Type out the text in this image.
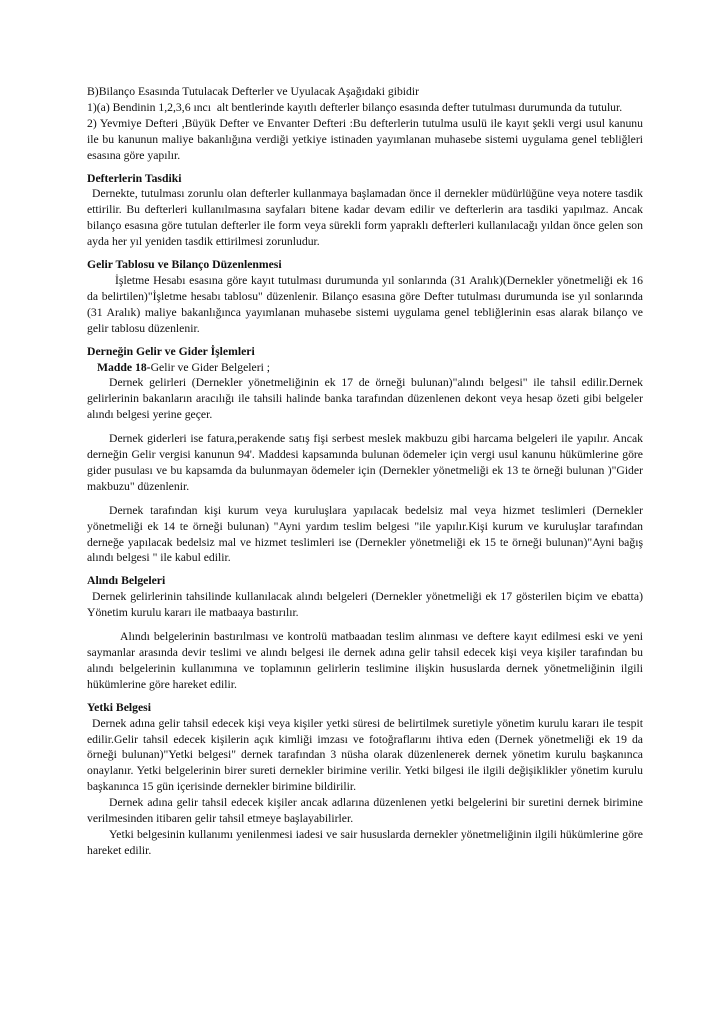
B)Bilanço Esasında Tutulacak Defterler ve Uyulacak Aşağıdaki gibidir

1)(a) Bendinin 1,2,3,6 ıncı  alt bentlerinde kayıtlı defterler bilanço esasında defter tutulması durumunda da tutulur.

2) Yevmiye Defteri ,Büyük Defter ve Envanter Defteri :Bu defterlerin tutulma usulü ile kayıt şekli vergi usul kanunu ile bu kanunun maliye bakanlığına verdiği yetkiye istinaden yayımlanan muhasebe sistemi uygulama genel tebliğleri esasına göre yapılır.

Defterlerin Tasdiki

Dernekte, tutulması zorunlu olan defterler kullanmaya başlamadan önce il dernekler müdürlüğüne veya notere tasdik ettirilir. Bu defterleri kullanılmasına sayfaları bitene kadar devam edilir ve defterlerin ara tasdiki yapılmaz. Ancak bilanço esasına göre tutulan defterler ile form veya sürekli form yapraklı defterleri kullanılacağı yıldan önce gelen son ayda her yıl yeniden tasdik ettirilmesi zorunludur.

Gelir Tablosu ve Bilanço Düzenlenmesi

İşletme Hesabı esasına göre kayıt tutulması durumunda yıl sonlarında (31 Aralık)(Dernekler yönetmeliği ek 16 da belirtilen)"İşletme hesabı tablosu" düzenlenir. Bilanço esasına göre Defter tutulması durumunda ise yıl sonlarında (31 Aralık) maliye bakanlığınca yayımlanan muhasebe sistemi uygulama genel tebliğlerinin esas alarak bilanço ve gelir tablosu düzenlenir.

Derneğin Gelir ve Gider İşlemleri

Madde 18-Gelir ve Gider Belgeleri ;

Dernek gelirleri (Dernekler yönetmeliğinin ek 17 de örneği bulunan)"alındı belgesi" ile tahsil edilir.Dernek gelirlerinin bakanların aracılığı ile tahsili halinde banka tarafından düzenlenen dekont veya hesap özeti gibi belgeler alındı belgesi yerine geçer.

Dernek giderleri ise fatura,perakende satış fişi serbest meslek makbuzu gibi harcama belgeleri ile yapılır. Ancak derneğin Gelir vergisi kanunun 94'. Maddesi kapsamında bulunan ödemeler için vergi usul kanunu hükümlerine göre gider pusulası ve bu kapsamda da bulunmayan ödemeler için (Dernekler yönetmeliği ek 13 te örneği bulunan )"Gider makbuzu" düzenlenir.

Dernek tarafından kişi kurum veya kuruluşlara yapılacak bedelsiz mal veya hizmet teslimleri (Dernekler yönetmeliği ek 14 te örneği bulunan) "Ayni yardım teslim belgesi "ile yapılır.Kişi kurum ve kuruluşlar tarafından derneğe yapılacak bedelsiz mal ve hizmet teslimleri ise (Dernekler yönetmeliği ek 15 te örneği bulunan)"Ayni bağış alındı belgesi " ile kabul edilir.

Alındı Belgeleri

Dernek gelirlerinin tahsilinde kullanılacak alındı belgeleri (Dernekler yönetmeliği ek 17 gösterilen biçim ve ebatta) Yönetim kurulu kararı ile matbaaya bastırılır.

Alındı belgelerinin bastırılması ve kontrolü matbaadan teslim alınması ve deftere kayıt edilmesi eski ve yeni saymanlar arasında devir teslimi ve alındı belgesi ile dernek adına gelir tahsil edecek kişi veya kişiler tarafından bu alındı belgelerinin kullanımına ve toplamının gelirlerin teslimine ilişkin hususlarda dernek yönetmeliğinin ilgili hükümlerine göre hareket edilir.

Yetki Belgesi

Dernek adına gelir tahsil edecek kişi veya kişiler yetki süresi de belirtilmek suretiyle yönetim kurulu kararı ile tespit edilir.Gelir tahsil edecek kişilerin açık kimliği imzası ve fotoğraflarını ihtiva eden (Dernek yönetmeliği ek 19 da örneği bulunan)"Yetki belgesi" dernek tarafından 3 nüsha olarak düzenlenerek dernek yönetim kurulu başkanınca onaylanır. Yetki belgelerinin birer sureti dernekler birimine verilir. Yetki bilgesi ile ilgili değişiklikler yönetim kurulu başkanınca 15 gün içerisinde dernekler birimine bildirilir.

Dernek adına gelir tahsil edecek kişiler ancak adlarına düzenlenen yetki belgelerini bir suretini dernek birimine verilmesinden itibaren gelir tahsil etmeye başlayabilirler.

Yetki belgesinin kullanımı yenilenmesi iadesi ve sair hususlarda dernekler yönetmeliğinin ilgili hükümlerine göre hareket edilir.
